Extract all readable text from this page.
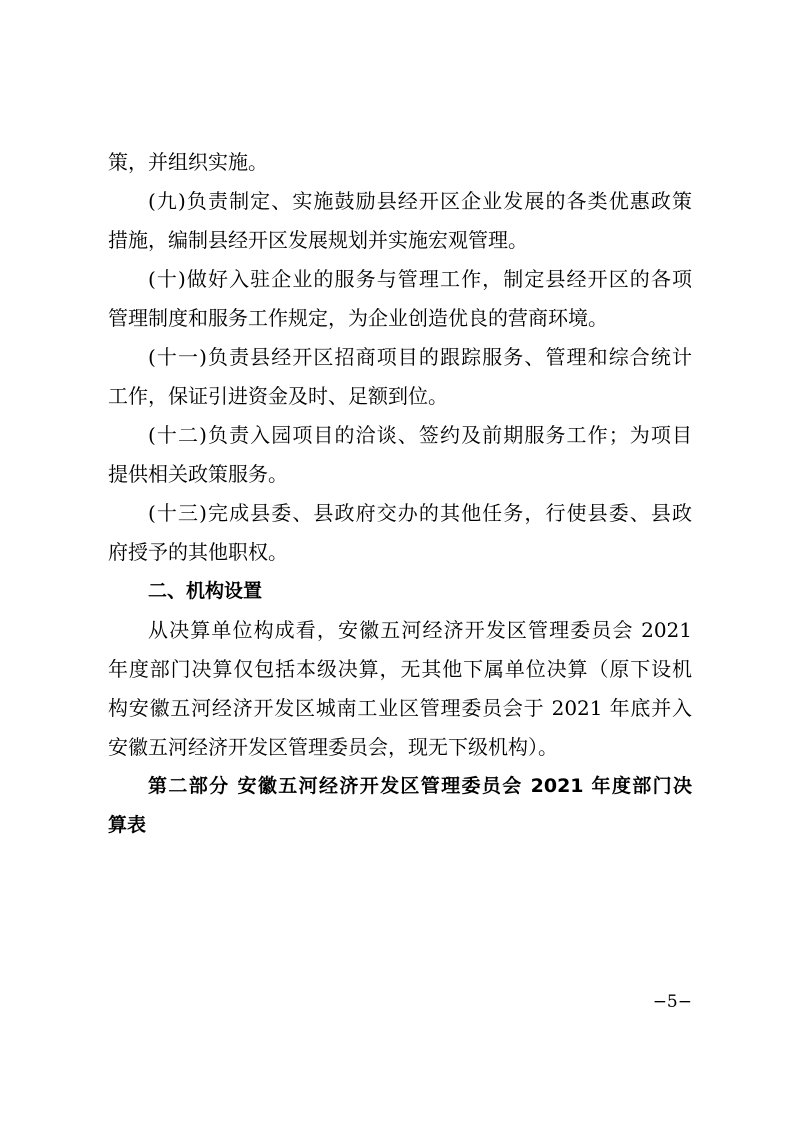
策，并组织实施。
(九)负责制定、实施鼓励县经开区企业发展的各类优惠政策
措施，编制县经开区发展规划并实施宏观管理。
(十)做好入驻企业的服务与管理工作，制定县经开区的各项
管理制度和服务工作规定，为企业创造优良的营商环境。
(十一)负责县经开区招商项目的跟踪服务、管理和综合统计
工作，保证引进资金及时、足额到位。
(十二)负责入园项目的洽谈、签约及前期服务工作；为项目
提供相关政策服务。
(十三)完成县委、县政府交办的其他任务，行使县委、县政
府授予的其他职权。
二、机构设置
从决算单位构成看，安徽五河经济开发区管理委员会 2021
年度部门决算仅包括本级决算，无其他下属单位决算（原下设机
构安徽五河经济开发区城南工业区管理委员会于 2021 年底并入
安徽五河经济开发区管理委员会，现无下级机构）。
第二部分 安徽五河经济开发区管理委员会 2021 年度部门决
算表
−5−
